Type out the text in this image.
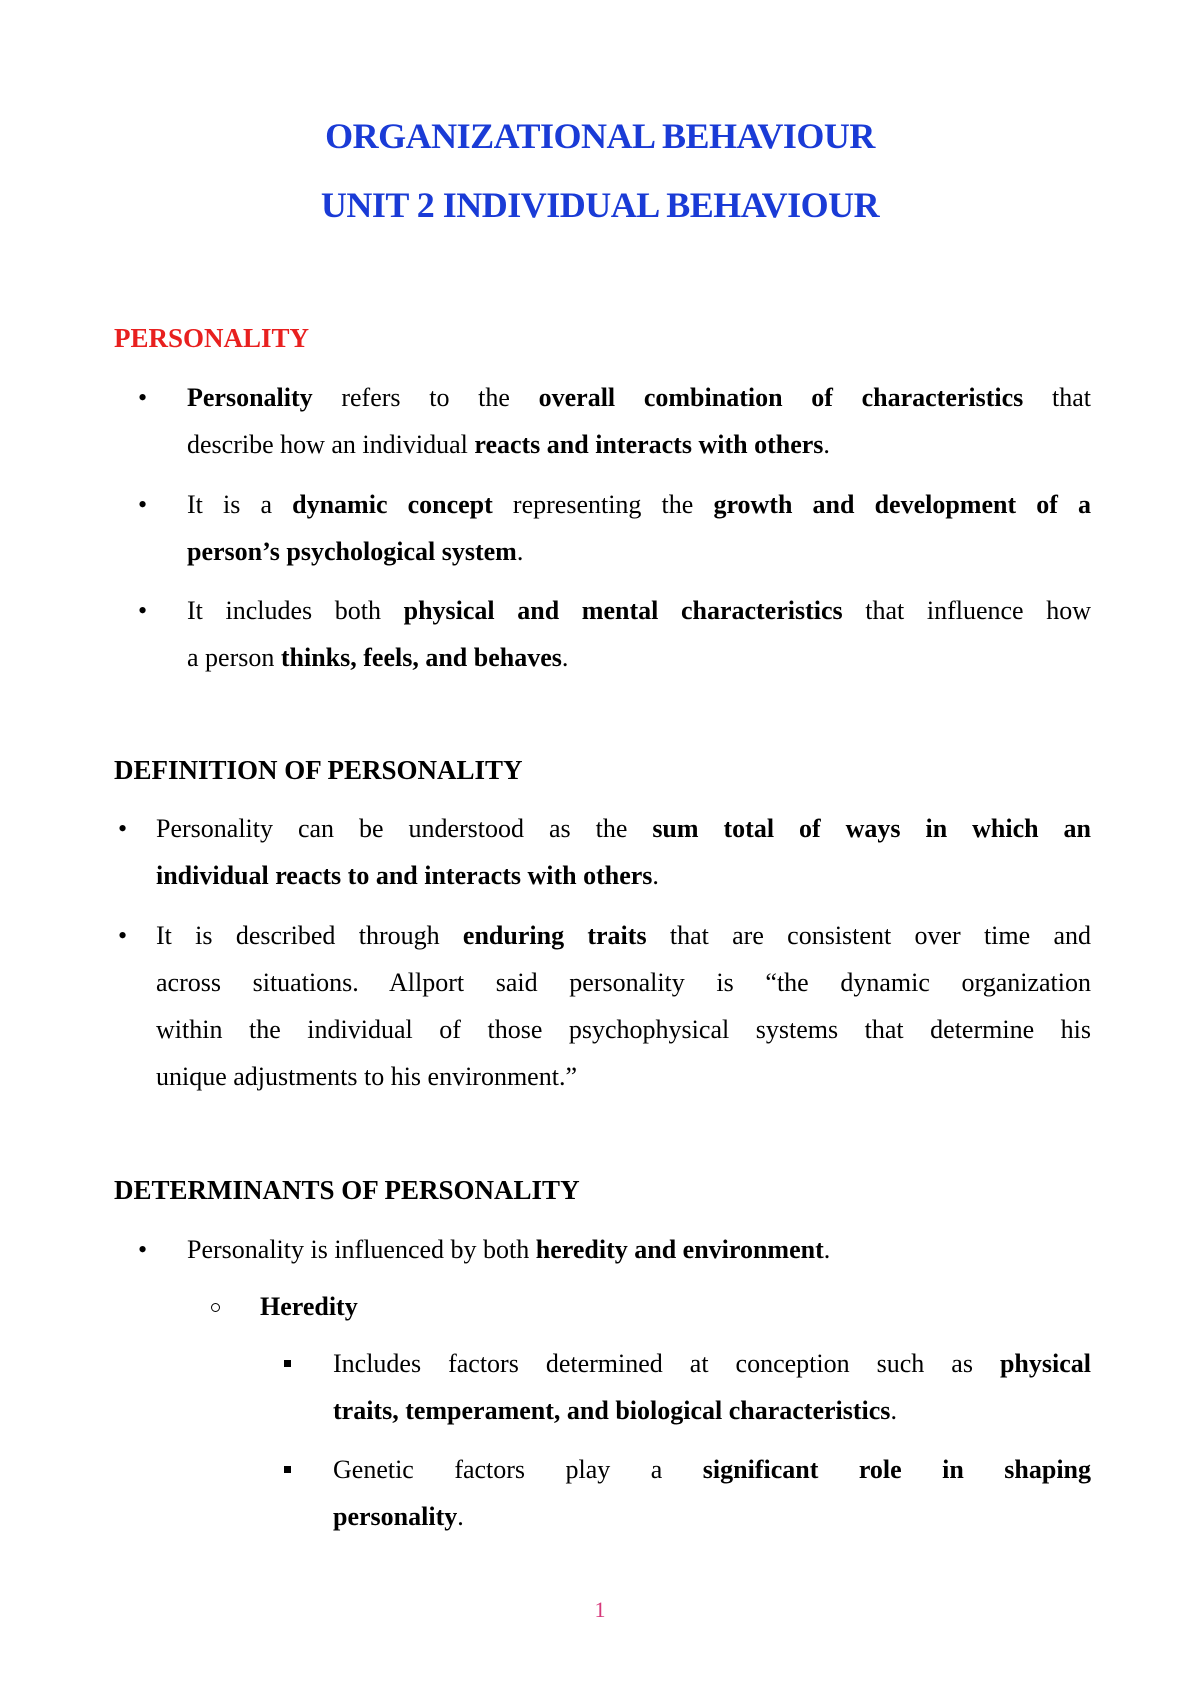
ORGANIZATIONAL BEHAVIOUR
UNIT 2 INDIVIDUAL BEHAVIOUR
PERSONALITY
• Personality refers to the overall combination of characteristics that
describe how an individual reacts and interacts with others.
• It is a dynamic concept representing the growth and development of a
person’s psychological system.
• It includes both physical and mental characteristics that influence how
a person thinks, feels, and behaves.
DEFINITION OF PERSONALITY
• Personality can be understood as the sum total of ways in which an
individual reacts to and interacts with others.
• It is described through enduring traits that are consistent over time and
across situations. Allport said personality is “the dynamic organization
within the individual of those psychophysical systems that determine his
unique adjustments to his environment.”
DETERMINANTS OF PERSONALITY
• Personality is influenced by both heredity and environment.
Heredity
Includes factors determined at conception such as physical
traits, temperament, and biological characteristics.
Genetic factors play a significant role in shaping
personality.
1
